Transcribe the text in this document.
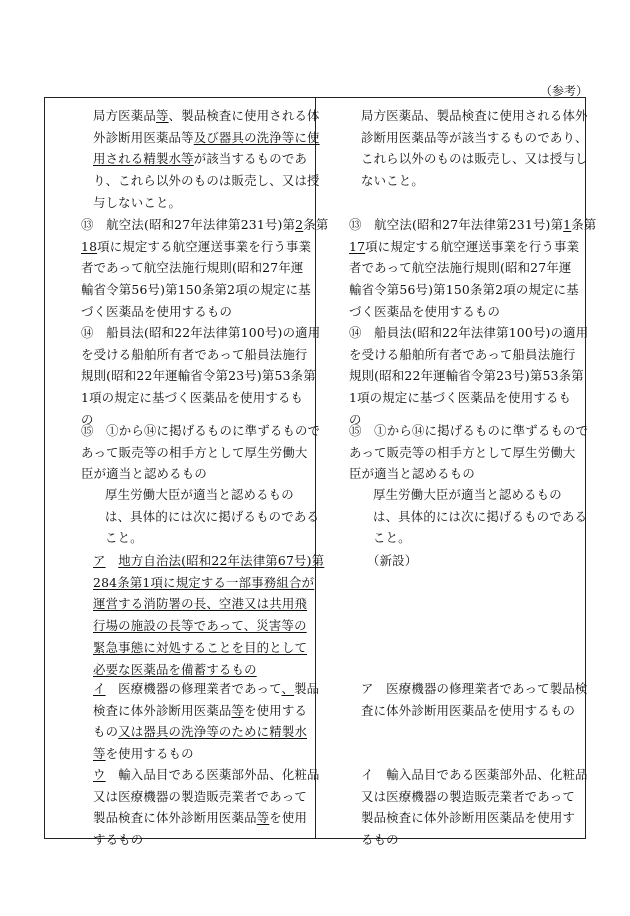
（参考）
局方医薬品等、製品検査に使用される体
外診断用医薬品等及び器具の洗浄等に使
用される精製水等が該当するものであ
り、これら以外のものは販売し、又は授
与しないこと。
⑬　航空法(昭和27年法律第231号)第2条第
18項に規定する航空運送事業を行う事業
者であって航空法施行規則(昭和27年運
輸省令第56号)第150条第2項の規定に基
づく医薬品を使用するもの
⑭　船員法(昭和22年法律第100号)の適用
を受ける船舶所有者であって船員法施行
規則(昭和22年運輸省令第23号)第53条第
1項の規定に基づく医薬品を使用するも
の
⑮　①から⑭に掲げるものに準ずるもので
あって販売等の相手方として厚生労働大
臣が適当と認めるもの
厚生労働大臣が適当と認めるもの
は、具体的には次に掲げるものである
こと。
ア　 地方自治法(昭和22年法律第67号)第
284条第1項に規定する一部事務組合が
運営する消防署の長、空港又は共用飛
行場の施設の長等であって、災害等の
緊急事態に対処することを目的として
必要な医薬品を備蓄するもの
イ　医療機器の修理業者であって、製品
検査に体外診断用医薬品等を使用する
もの又は器具の洗浄等のために精製水
等を使用するもの
ウ　輸入品目である医薬部外品、化粧品
又は医療機器の製造販売業者であって
製品検査に体外診断用医薬品等を使用
するもの
局方医薬品、製品検査に使用される体外
診断用医薬品等が該当するものであり、
これら以外のものは販売し、又は授与し
ないこと。
⑬　航空法(昭和27年法律第231号)第1条第
17項に規定する航空運送事業を行う事業
者であって航空法施行規則(昭和27年運
輸省令第56号)第150条第2項の規定に基
づく医薬品を使用するもの
⑭　船員法(昭和22年法律第100号)の適用
を受ける船舶所有者であって船員法施行
規則(昭和22年運輸省令第23号)第53条第
1項の規定に基づく医薬品を使用するも
の
⑮　①から⑭に掲げるものに準ずるもので
あって販売等の相手方として厚生労働大
臣が適当と認めるもの
厚生労働大臣が適当と認めるもの
は、具体的には次に掲げるものである
こと。
（新設）
ア　医療機器の修理業者であって製品検
査に体外診断用医薬品を使用するもの
イ　輸入品目である医薬部外品、化粧品
又は医療機器の製造販売業者であって
製品検査に体外診断用医薬品を使用す
るもの
